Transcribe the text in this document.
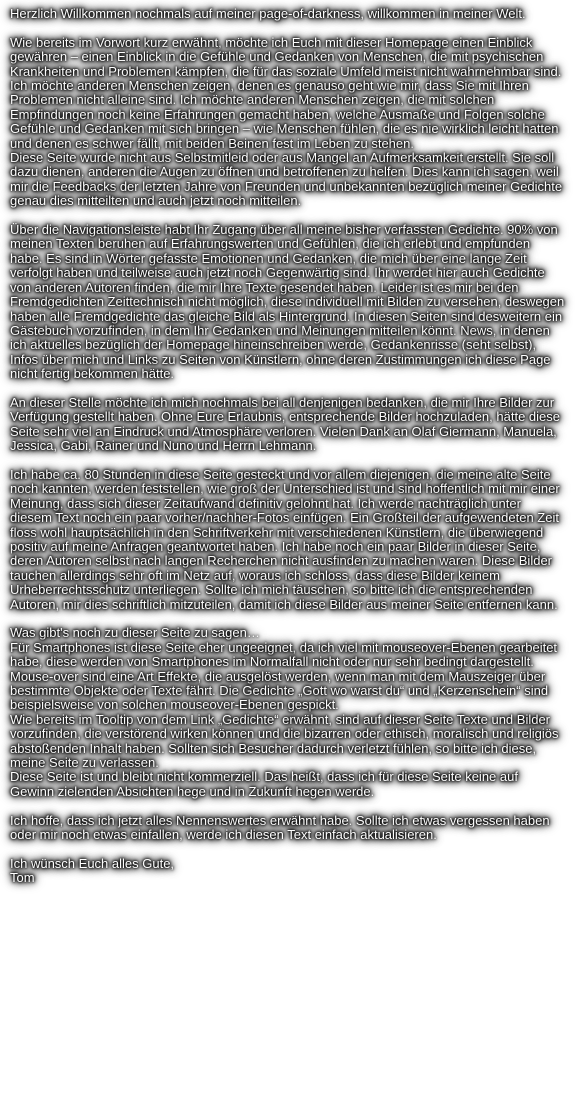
Herzlich Willkommen nochmals auf meiner page-of-darkness, willkommen in meiner Welt.

Wie bereits im Vorwort kurz erwähnt, möchte ich Euch mit dieser Homepage einen Einblick gewähren – einen Einblick in die Gefühle und Gedanken von Menschen, die mit psychischen Krankheiten und Problemen kämpfen, die für das soziale Umfeld meist nicht wahrnehmbar sind. Ich möchte anderen Menschen zeigen, denen es genauso geht wie mir, dass Sie mit Ihren Problemen nicht alleine sind. Ich möchte anderen Menschen zeigen, die mit solchen Empfindungen noch keine Erfahrungen gemacht haben, welche Ausmaße und Folgen solche Gefühle und Gedanken mit sich bringen – wie Menschen fühlen, die es nie wirklich leicht hatten und denen es schwer fällt, mit beiden Beinen fest im Leben zu stehen.
Diese Seite wurde nicht aus Selbstmitleid oder aus Mangel an Aufmerksamkeit erstellt. Sie soll dazu dienen, anderen die Augen zu öffnen und betroffenen zu helfen. Dies kann ich sagen, weil mir die Feedbacks der letzten Jahre von Freunden und unbekannten bezüglich meiner Gedichte genau dies mitteilten und auch jetzt noch mitteilen.

Über die Navigationsleiste habt Ihr Zugang über all meine bisher verfassten Gedichte. 90% von meinen Texten beruhen auf Erfahrungswerten und Gefühlen, die ich erlebt und empfunden habe. Es sind in Wörter gefasste Emotionen und Gedanken, die mich über eine lange Zeit verfolgt haben und teilweise auch jetzt noch Gegenwärtig sind. Ihr werdet hier auch Gedichte von anderen Autoren finden, die mir Ihre Texte gesendet haben. Leider ist es mir bei den Fremdgedichten Zeittechnisch nicht möglich, diese individuell mit Bilden zu versehen, deswegen haben alle Fremdgedichte das gleiche Bild als Hintergrund. In diesen Seiten sind desweitern ein Gästebuch vorzufinden, in dem Ihr Gedanken und Meinungen mitteilen könnt. News, in denen ich aktuelles bezüglich der Homepage hineinschreiben werde, Gedankenrisse (seht selbst), Infos über mich und Links zu Seiten von Künstlern, ohne deren Zustimmungen ich diese Page nicht fertig bekommen hätte.

An dieser Stelle möchte ich mich nochmals bei all denjenigen bedanken, die mir Ihre Bilder zur Verfügung gestellt haben. Ohne Eure Erlaubnis, entsprechende Bilder hochzuladen, hätte diese Seite sehr viel an Eindruck und Atmosphäre verloren. Vielen Dank an Olaf Giermann, Manuela, Jessica, Gabi, Rainer und Nuno und Herrn Lehmann.

Ich habe ca. 80 Stunden in diese Seite gesteckt und vor allem diejenigen, die meine alte Seite noch kannten, werden feststellen, wie groß der Unterschied ist und sind hoffentlich mit mir einer Meinung, dass sich dieser Zeitaufwand definitiv gelohnt hat. Ich werde nachträglich unter diesem Text noch ein paar vorher/nachher-Fotos einfügen. Ein Großteil der aufgewendeten Zeit floss wohl hauptsächlich in den Schriftverkehr mit verschiedenen Künstlern, die überwiegend positiv auf meine Anfragen geantwortet haben. Ich habe noch ein paar Bilder in dieser Seite, deren Autoren selbst nach langen Recherchen nicht ausfinden zu machen waren. Diese Bilder tauchen allerdings sehr oft im Netz auf, woraus ich schloss, dass diese Bilder keinem Urheberrechtsschutz unterliegen. Sollte ich mich täuschen, so bitte ich die entsprechenden Autoren, mir dies schriftlich mitzuteilen, damit ich diese Bilder aus meiner Seite entfernen kann.

Was gibt's noch zu dieser Seite zu sagen…
Für Smartphones ist diese Seite eher ungeeignet, da ich viel mit mouseover-Ebenen gearbeitet habe, diese werden von Smartphones im Normalfall nicht oder nur sehr bedingt dargestellt. Mouse-over sind eine Art Effekte, die ausgelöst werden, wenn man mit dem Mauszeiger über bestimmte Objekte oder Texte fährt. Die Gedichte „Gott wo warst du“ und „Kerzenschein“ sind beispielsweise von solchen mouseover-Ebenen gespickt.
Wie bereits im Tooltip von dem Link „Gedichte“ erwähnt, sind auf dieser Seite Texte und Bilder vorzufinden, die verstörend wirken können und die bizarren oder ethisch, moralisch und religiös abstoßenden Inhalt haben. Sollten sich Besucher dadurch verletzt fühlen, so bitte ich diese, meine Seite zu verlassen.
Diese Seite ist und bleibt nicht kommerziell. Das heißt, dass ich für diese Seite keine auf Gewinn zielenden Absichten hege und in Zukunft hegen werde.

Ich hoffe, dass ich jetzt alles Nennenswertes erwähnt habe. Sollte ich etwas vergessen haben oder mir noch etwas einfallen, werde ich diesen Text einfach aktualisieren.

Ich wünsch Euch alles Gute,
Tom
